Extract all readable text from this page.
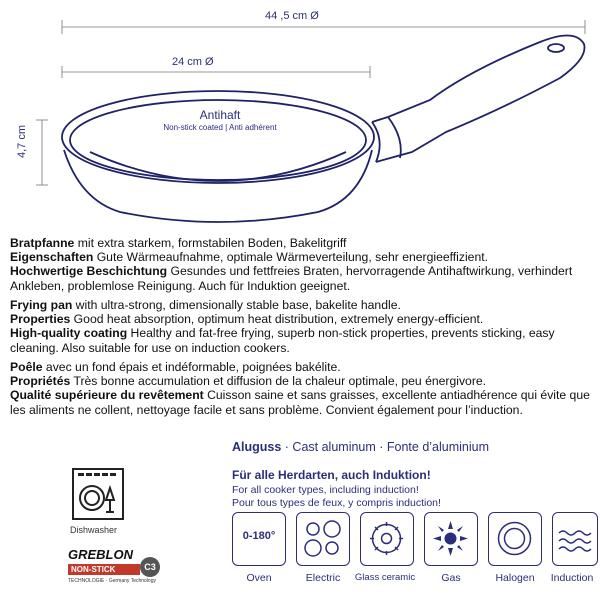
44 ,5 cm Ø
24 cm Ø
4,7 cm
Antihaft
Non-stick coated | Anti adhérent

Bratpfanne mit extra starkem, formstabilen Boden, Bakelitgriff

Eigenschaften Gute Wärmeaufnahme, optimale Wärmeverteilung, sehr energieeffizient.

Hochwertige Beschichtung Gesundes und fettfreies Braten, hervorragende Antihaftwirkung, verhindert Ankleben, problemlose Reinigung. Auch für Induktion geeignet.

Frying pan with ultra-strong, dimensionally stable base, bakelite handle.

Properties Good heat absorption, optimum heat distribution, extremely energy-efficient.

High-quality coating Healthy and fat-free frying, superb non-stick properties, prevents sticking, easy cleaning. Also suitable for use on induction cookers.

Poêle avec un fond épais et indéformable, poignées bakélite.

Propriétés Très bonne accumulation et diffusion de la chaleur optimale, peu énergivore.

Qualité supérieure du revêtement Cuisson saine et sans graisses, excellente antiadhérence qui évite que les aliments ne collent, nettoyage facile et sans problème. Convient également pour l’induction.

Aluguss · Cast aluminum · Fonte d’aluminium
Für alle Herdarten, auch Induktion!
For all cooker types, including induction!
Pour tous types de feux, y compris induction!
0-180°
Oven	Electric	Glass ceramic	Gas	Halogen	Induction
Dishwasher
GREBLON
NON-STICK	C3
TECHNOLOGIE · Germany Technology
